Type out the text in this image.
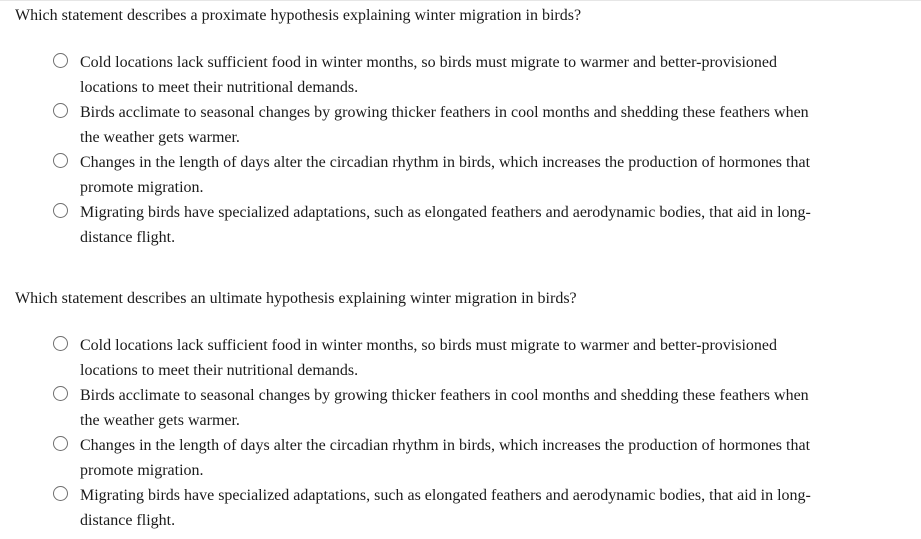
Which statement describes a proximate hypothesis explaining winter migration in birds?
Cold locations lack sufficient food in winter months, so birds must migrate to warmer and better-provisioned
locations to meet their nutritional demands.
Birds acclimate to seasonal changes by growing thicker feathers in cool months and shedding these feathers when
the weather gets warmer.
Changes in the length of days alter the circadian rhythm in birds, which increases the production of hormones that
promote migration.
Migrating birds have specialized adaptations, such as elongated feathers and aerodynamic bodies, that aid in long-
distance flight.
Which statement describes an ultimate hypothesis explaining winter migration in birds?
Cold locations lack sufficient food in winter months, so birds must migrate to warmer and better-provisioned
locations to meet their nutritional demands.
Birds acclimate to seasonal changes by growing thicker feathers in cool months and shedding these feathers when
the weather gets warmer.
Changes in the length of days alter the circadian rhythm in birds, which increases the production of hormones that
promote migration.
Migrating birds have specialized adaptations, such as elongated feathers and aerodynamic bodies, that aid in long-
distance flight.
